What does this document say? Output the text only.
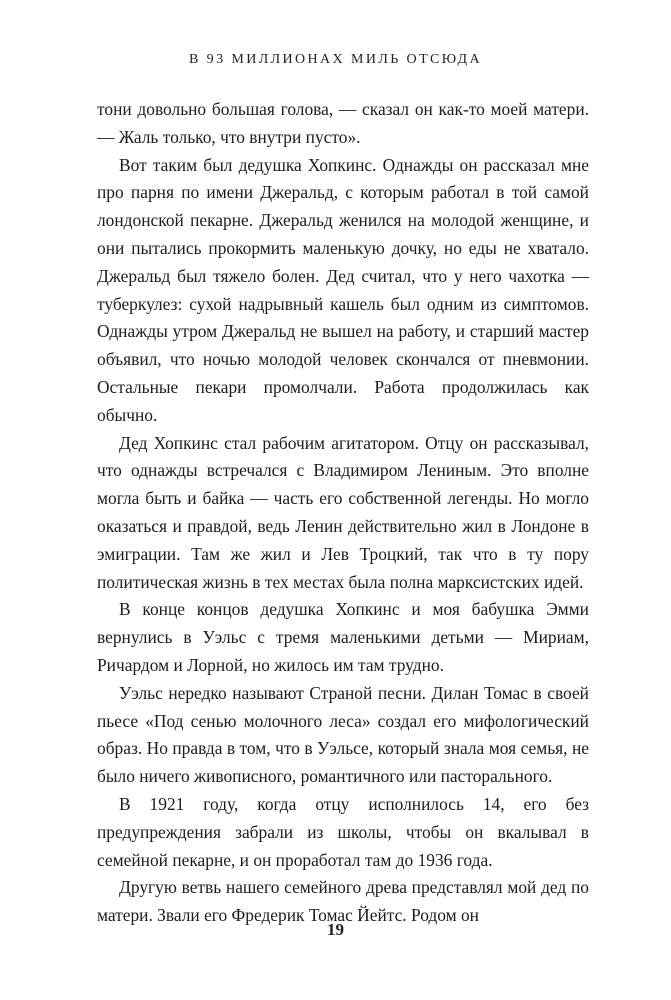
В 93 МИЛЛИОНАХ МИЛЬ ОТСЮДА

тони довольно большая голова, — сказал он как-то моей матери. — Жаль только, что внутри пусто».

Вот таким был дедушка Хопкинс. Однажды он рассказал мне про парня по имени Джеральд, с которым работал в той самой лондонской пекарне. Джеральд женился на молодой женщине, и они пытались прокормить маленькую дочку, но еды не хватало. Джеральд был тяжело болен. Дед считал, что у него чахотка — туберкулез: сухой надрывный кашель был одним из симптомов. Однажды утром Джеральд не вышел на работу, и старший мастер объявил, что ночью молодой человек скончался от пневмонии. Остальные пекари промолчали. Работа продолжилась как обычно.

Дед Хопкинс стал рабочим агитатором. Отцу он рассказывал, что однажды встречался с Владимиром Лениным. Это вполне могла быть и байка — часть его собственной легенды. Но могло оказаться и правдой, ведь Ленин действительно жил в Лондоне в эмиграции. Там же жил и Лев Троцкий, так что в ту пору политическая жизнь в тех местах была полна марксистских идей.

В конце концов дедушка Хопкинс и моя бабушка Эмми вернулись в Уэльс с тремя маленькими детьми — Мириам, Ричардом и Лорной, но жилось им там трудно.

Уэльс нередко называют Страной песни. Дилан Томас в своей пьесе «Под сенью молочного леса» создал его мифологический образ. Но правда в том, что в Уэльсе, который знала моя семья, не было ничего живописного, романтичного или пасторального.

В 1921 году, когда отцу исполнилось 14, его без предупреждения забрали из школы, чтобы он вкалывал в семейной пекарне, и он проработал там до 1936 года.

Другую ветвь нашего семейного древа представлял мой дед по матери. Звали его Фредерик Томас Йейтс. Родом он

19
